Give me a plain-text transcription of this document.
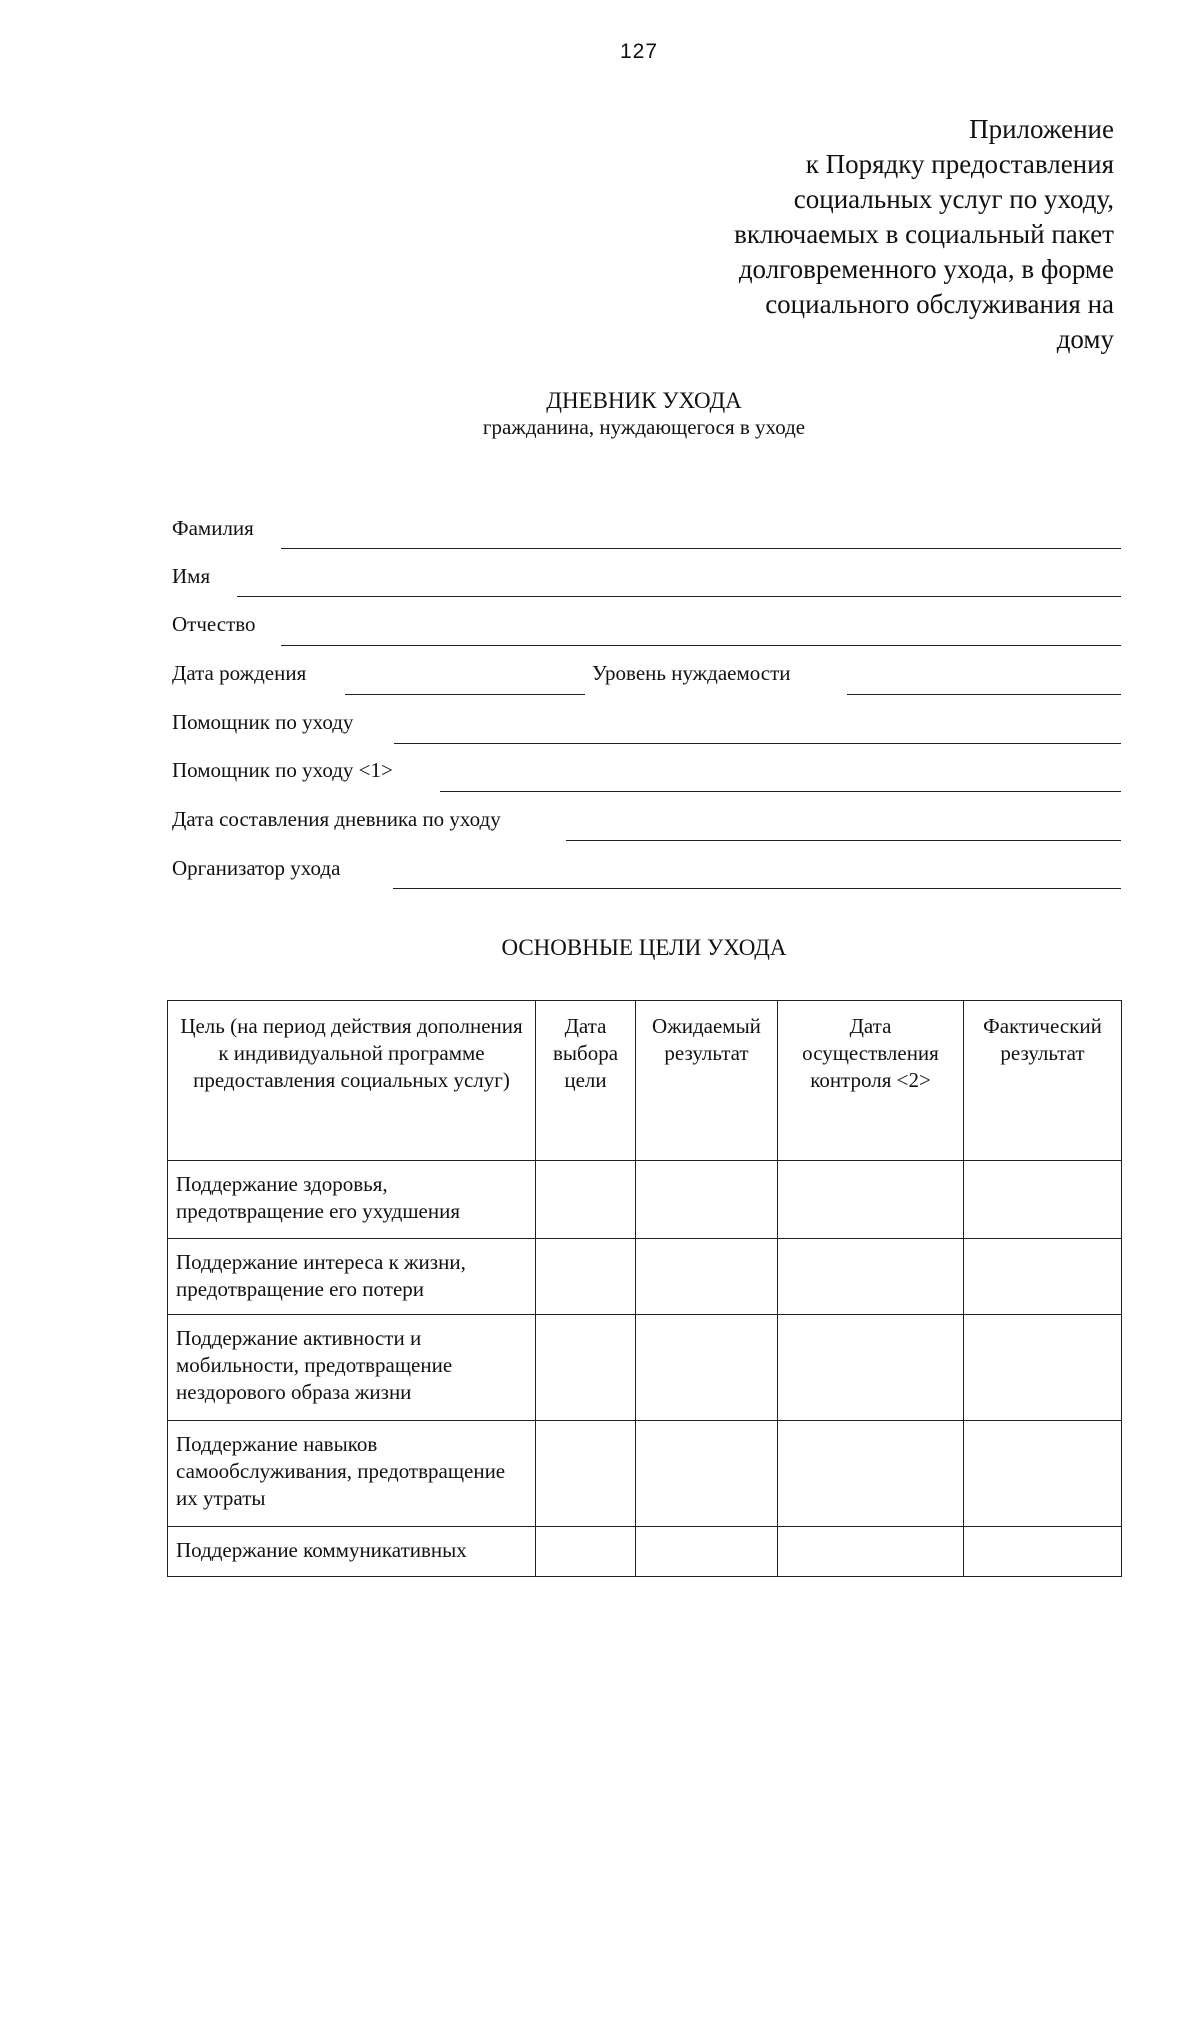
127
Приложение
к Порядку предоставления
социальных услуг по уходу,
включаемых в социальный пакет
долговременного ухода, в форме
социального обслуживания на
дому
ДНЕВНИК УХОДА
гражданина, нуждающегося в уходе
Фамилия
Имя
Отчество
Дата рождения	Уровень нуждаемости
Помощник по уходу
Помощник по уходу <1>
Дата составления дневника по уходу
Организатор ухода
ОСНОВНЫЕ ЦЕЛИ УХОДА
Цель (на период действия дополнения к индивидуальной программе предоставления социальных услуг)	Дата выбора цели	Ожидаемый результат	Дата осуществления контроля <2>	Фактический результат
Поддержание здоровья, предотвращение его ухудшения				
Поддержание интереса к жизни, предотвращение его потери				
Поддержание активности и мобильности, предотвращение нездорового образа жизни				
Поддержание навыков самообслуживания, предотвращение их утраты				
Поддержание коммуникативных				
